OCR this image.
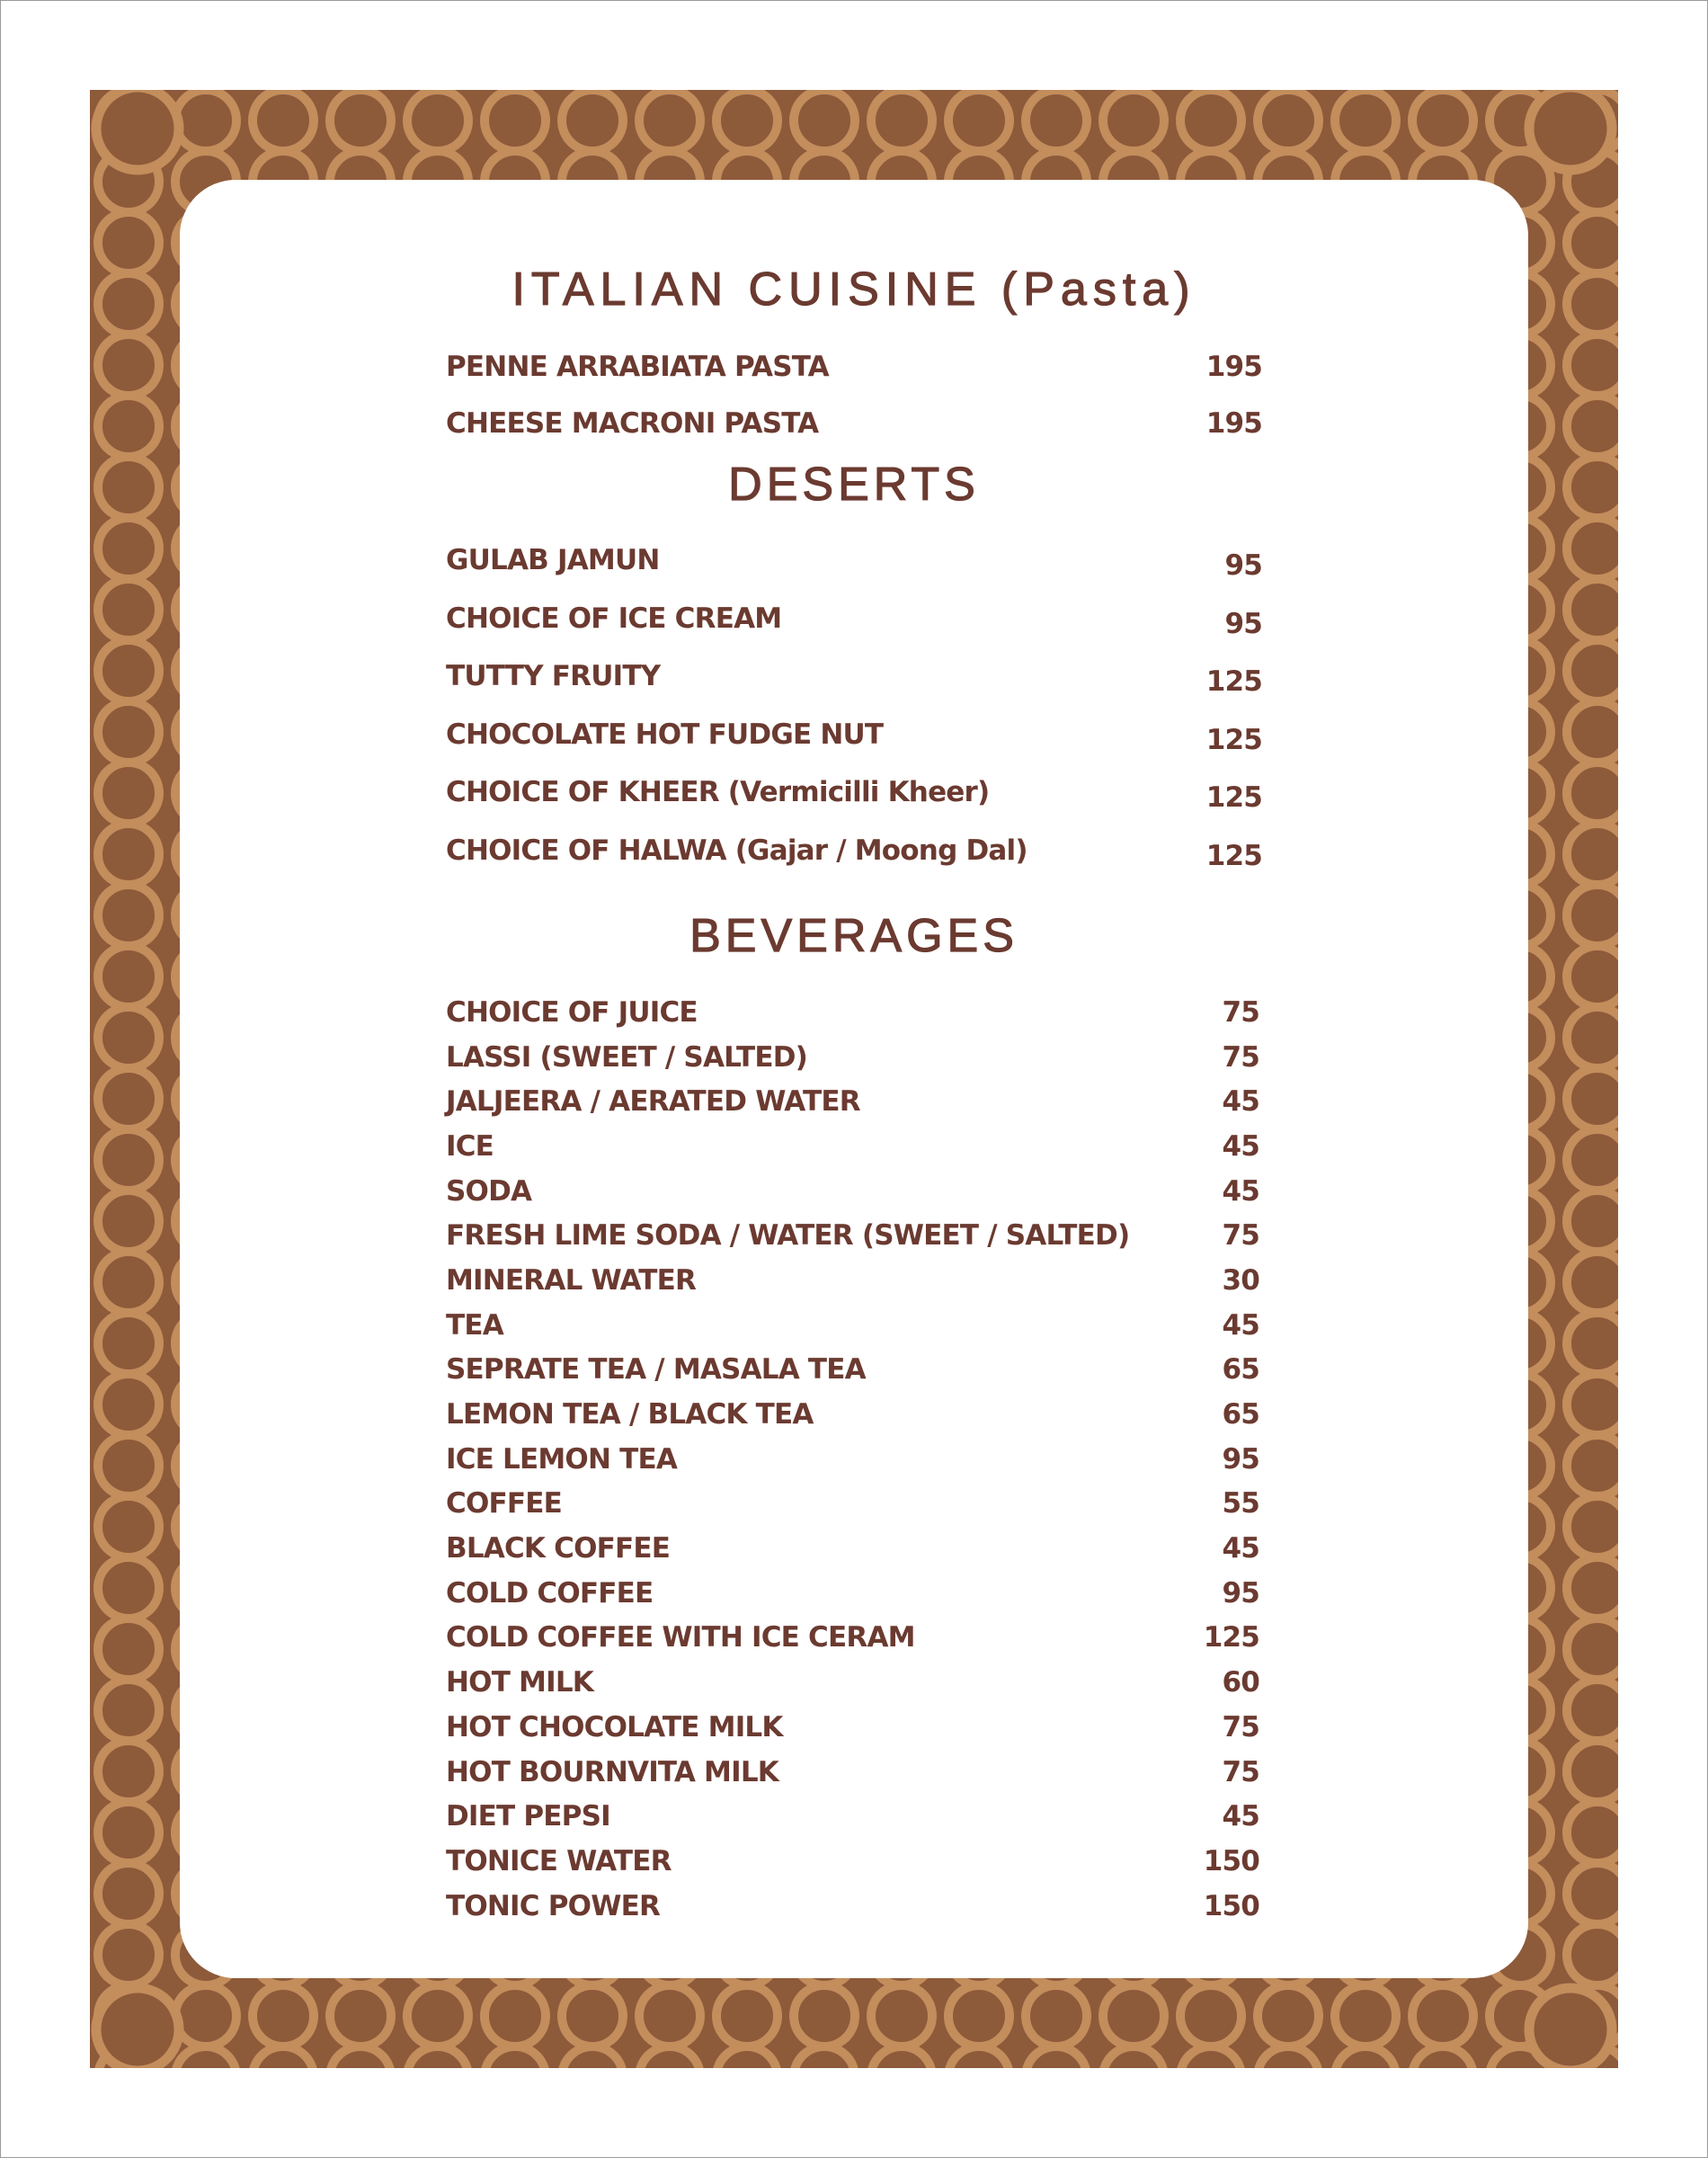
ITALIAN CUISINE (Pasta)
PENNE ARRABIATA PASTA	195
CHEESE MACRONI PASTA	195
DESERTS
GULAB JAMUN	95
CHOICE OF ICE CREAM	95
TUTTY FRUITY	125
CHOCOLATE HOT FUDGE NUT	125
CHOICE OF KHEER (Vermicilli Kheer)	125
CHOICE OF HALWA (Gajar / Moong Dal)	125
BEVERAGES
CHOICE OF JUICE	75
LASSI (SWEET / SALTED)	75
JALJEERA / AERATED WATER	45
ICE	45
SODA	45
FRESH LIME SODA / WATER (SWEET / SALTED)	75
MINERAL WATER	30
TEA	45
SEPRATE TEA / MASALA TEA	65
LEMON TEA / BLACK TEA	65
ICE LEMON TEA	95
COFFEE	55
BLACK COFFEE	45
COLD COFFEE	95
COLD COFFEE WITH ICE CERAM	125
HOT MILK	60
HOT CHOCOLATE MILK	75
HOT BOURNVITA MILK	75
DIET PEPSI	45
TONICE WATER	150
TONIC POWER	150
